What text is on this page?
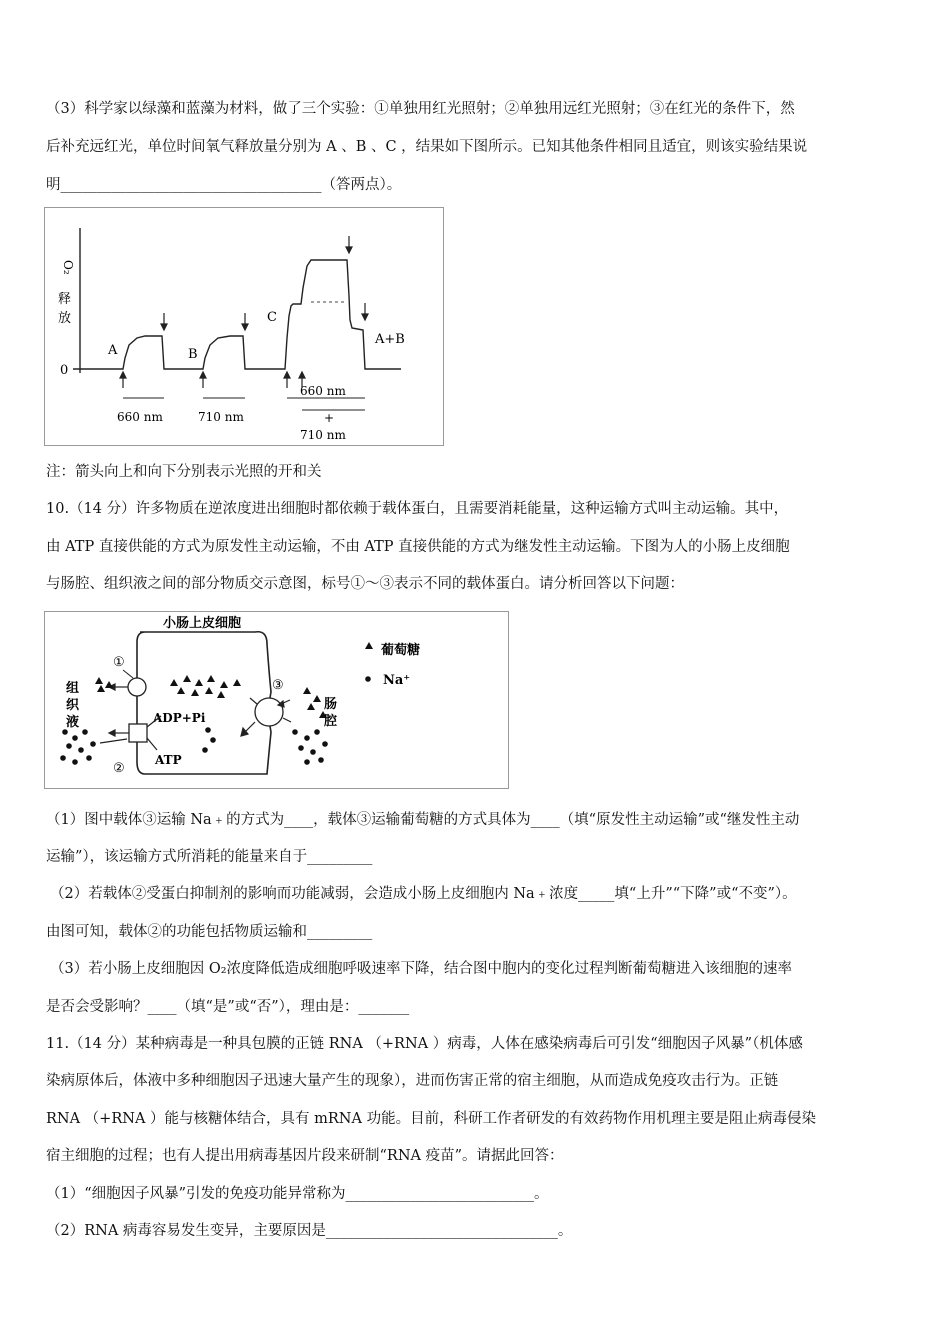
（3）科学家以绿藻和蓝藻为材料，做了三个实验：①单独用红光照射；②单独用远红光照射；③在红光的条件下，然
后补充远红光，单位时间氧气释放量分别为 A 、B 、C ，结果如下图所示。已知其他条件相同且适宜，则该实验结果说
明____________________________________（答两点）。
O₂
释
放
0
A	B
C
A+B
660 nm	710 nm
660 nm
+
710 nm
注：箭头向上和向下分别表示光照的开和关
10.（14 分）许多物质在逆浓度进出细胞时都依赖于载体蛋白，且需要消耗能量，这种运输方式叫主动运输。其中，
由 ATP 直接供能的方式为原发性主动运输，不由 ATP 直接供能的方式为继发性主动运输。下图为人的小肠上皮细胞
与肠腔、组织液之间的部分物质交示意图，标号①～③表示不同的载体蛋白。请分析回答以下问题：
小肠上皮细胞
①
②
ADP+Pi
ATP
③
葡萄糖
Na⁺
组
织
液
肠
腔
（1）图中载体③运输 Na﹢的方式为____，载体③运输葡萄糖的方式具体为____（填“原发性主动运输”或“继发性主动
运输”），该运输方式所消耗的能量来自于_________
（2）若载体②受蛋白抑制剂的影响而功能减弱，会造成小肠上皮细胞内 Na﹢浓度_____填“上升”“下降”或“不变”）。
由图可知，载体②的功能包括物质运输和_________
（3）若小肠上皮细胞因 O₂浓度降低造成细胞呼吸速率下降，结合图中胞内的变化过程判断葡萄糖进入该细胞的速率
是否会受影响？____（填“是”或“否”），理由是：_______
11.（14 分）某种病毒是一种具包膜的正链 RNA （+RNA ）病毒，人体在感染病毒后可引发“细胞因子风暴”（机体感
染病原体后，体液中多种细胞因子迅速大量产生的现象），进而伤害正常的宿主细胞，从而造成免疫攻击行为。正链
RNA （+RNA ）能与核糖体结合，具有 mRNA 功能。目前，科研工作者研发的有效药物作用机理主要是阻止病毒侵染
宿主细胞的过程；也有人提出用病毒基因片段来研制“RNA 疫苗”。请据此回答：
（1）“细胞因子风暴”引发的免疫功能异常称为__________________________。
（2）RNA 病毒容易发生变异，主要原因是________________________________。
